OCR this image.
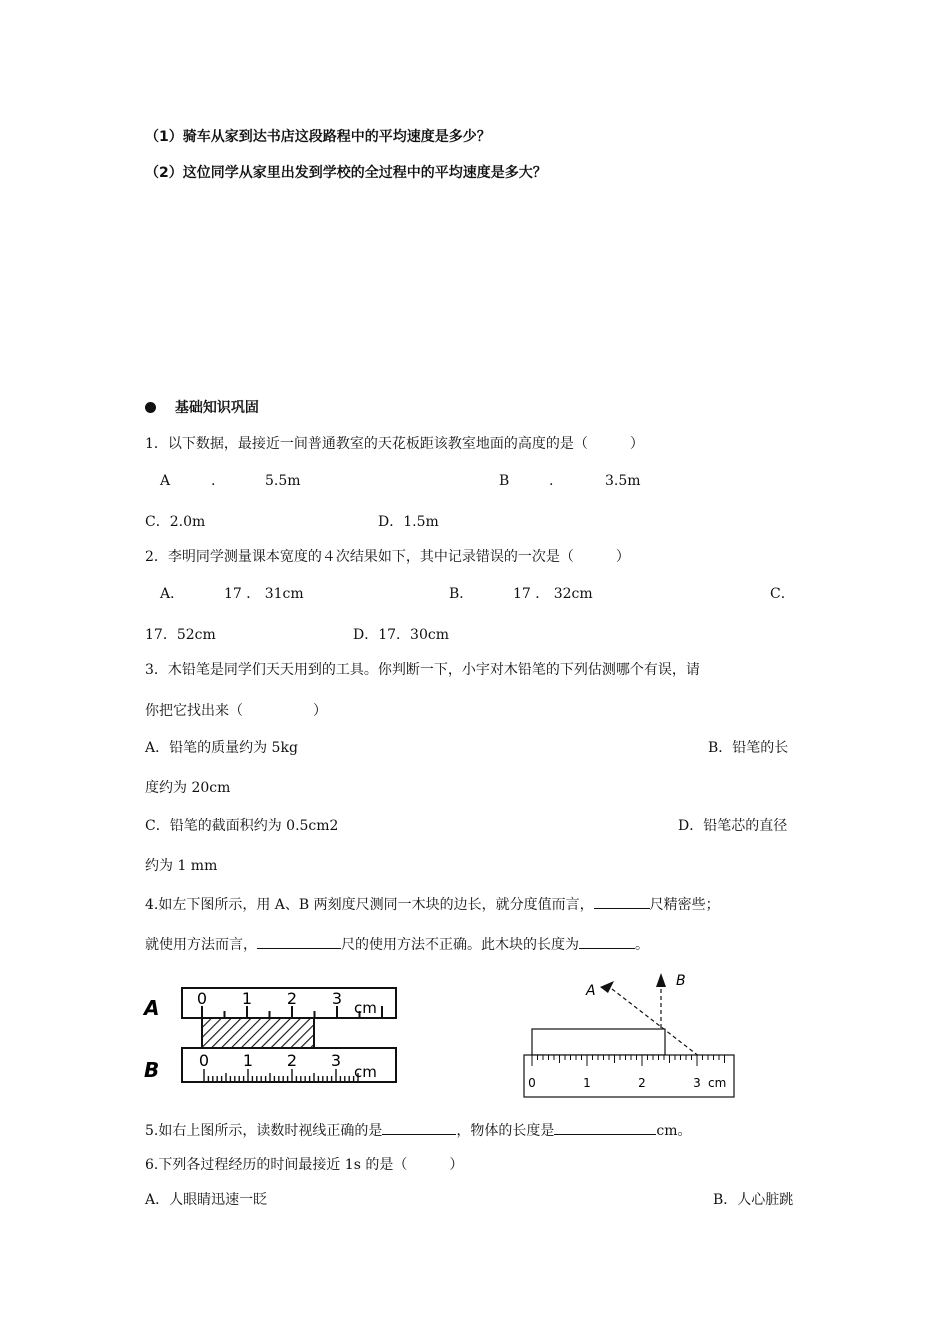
（1）骑车从家到达书店这段路程中的平均速度是多少？
（2）这位同学从家里出发到学校的全过程中的平均速度是多大？
基础知识巩固
1．以下数据，最接近一间普通教室的天花板距该教室地面的高度的是（　　　）
A	.	5.5m	B	.	3.5m
C．2.0m	D．1.5m
2．李明同学测量课本宽度的４次结果如下，其中记录错误的一次是（　　　）
A．	17 ． 31cm	B．	17 ． 32cm	C．
17．52cm	D．17．30cm
3．木铅笔是同学们天天用到的工具。你判断一下，小宇对木铅笔的下列估测哪个有误，请
你把它找出来（　　　　　）
A．铅笔的质量约为 5kg	B．铅笔的长
度约为 20cm
C．铅笔的截面积约为 0.5cm2	D．铅笔芯的直径
约为 1 mm
4.如左下图所示，用 A、B 两刻度尺测同一木块的边长，就分度值而言，	尺精密些；
就使用方法而言，	尺的使用方法不正确。此木块的长度为	。
A
B
0 1 2 3 cm
0 1 2 3
cm
A
B
0	1	2	3 cm
5.如右上图所示，读数时视线正确的是	，物体的长度是	cm。
6.下列各过程经历的时间最接近 1s 的是（　　　）
A．人眼睛迅速一眨	B．人心脏跳
